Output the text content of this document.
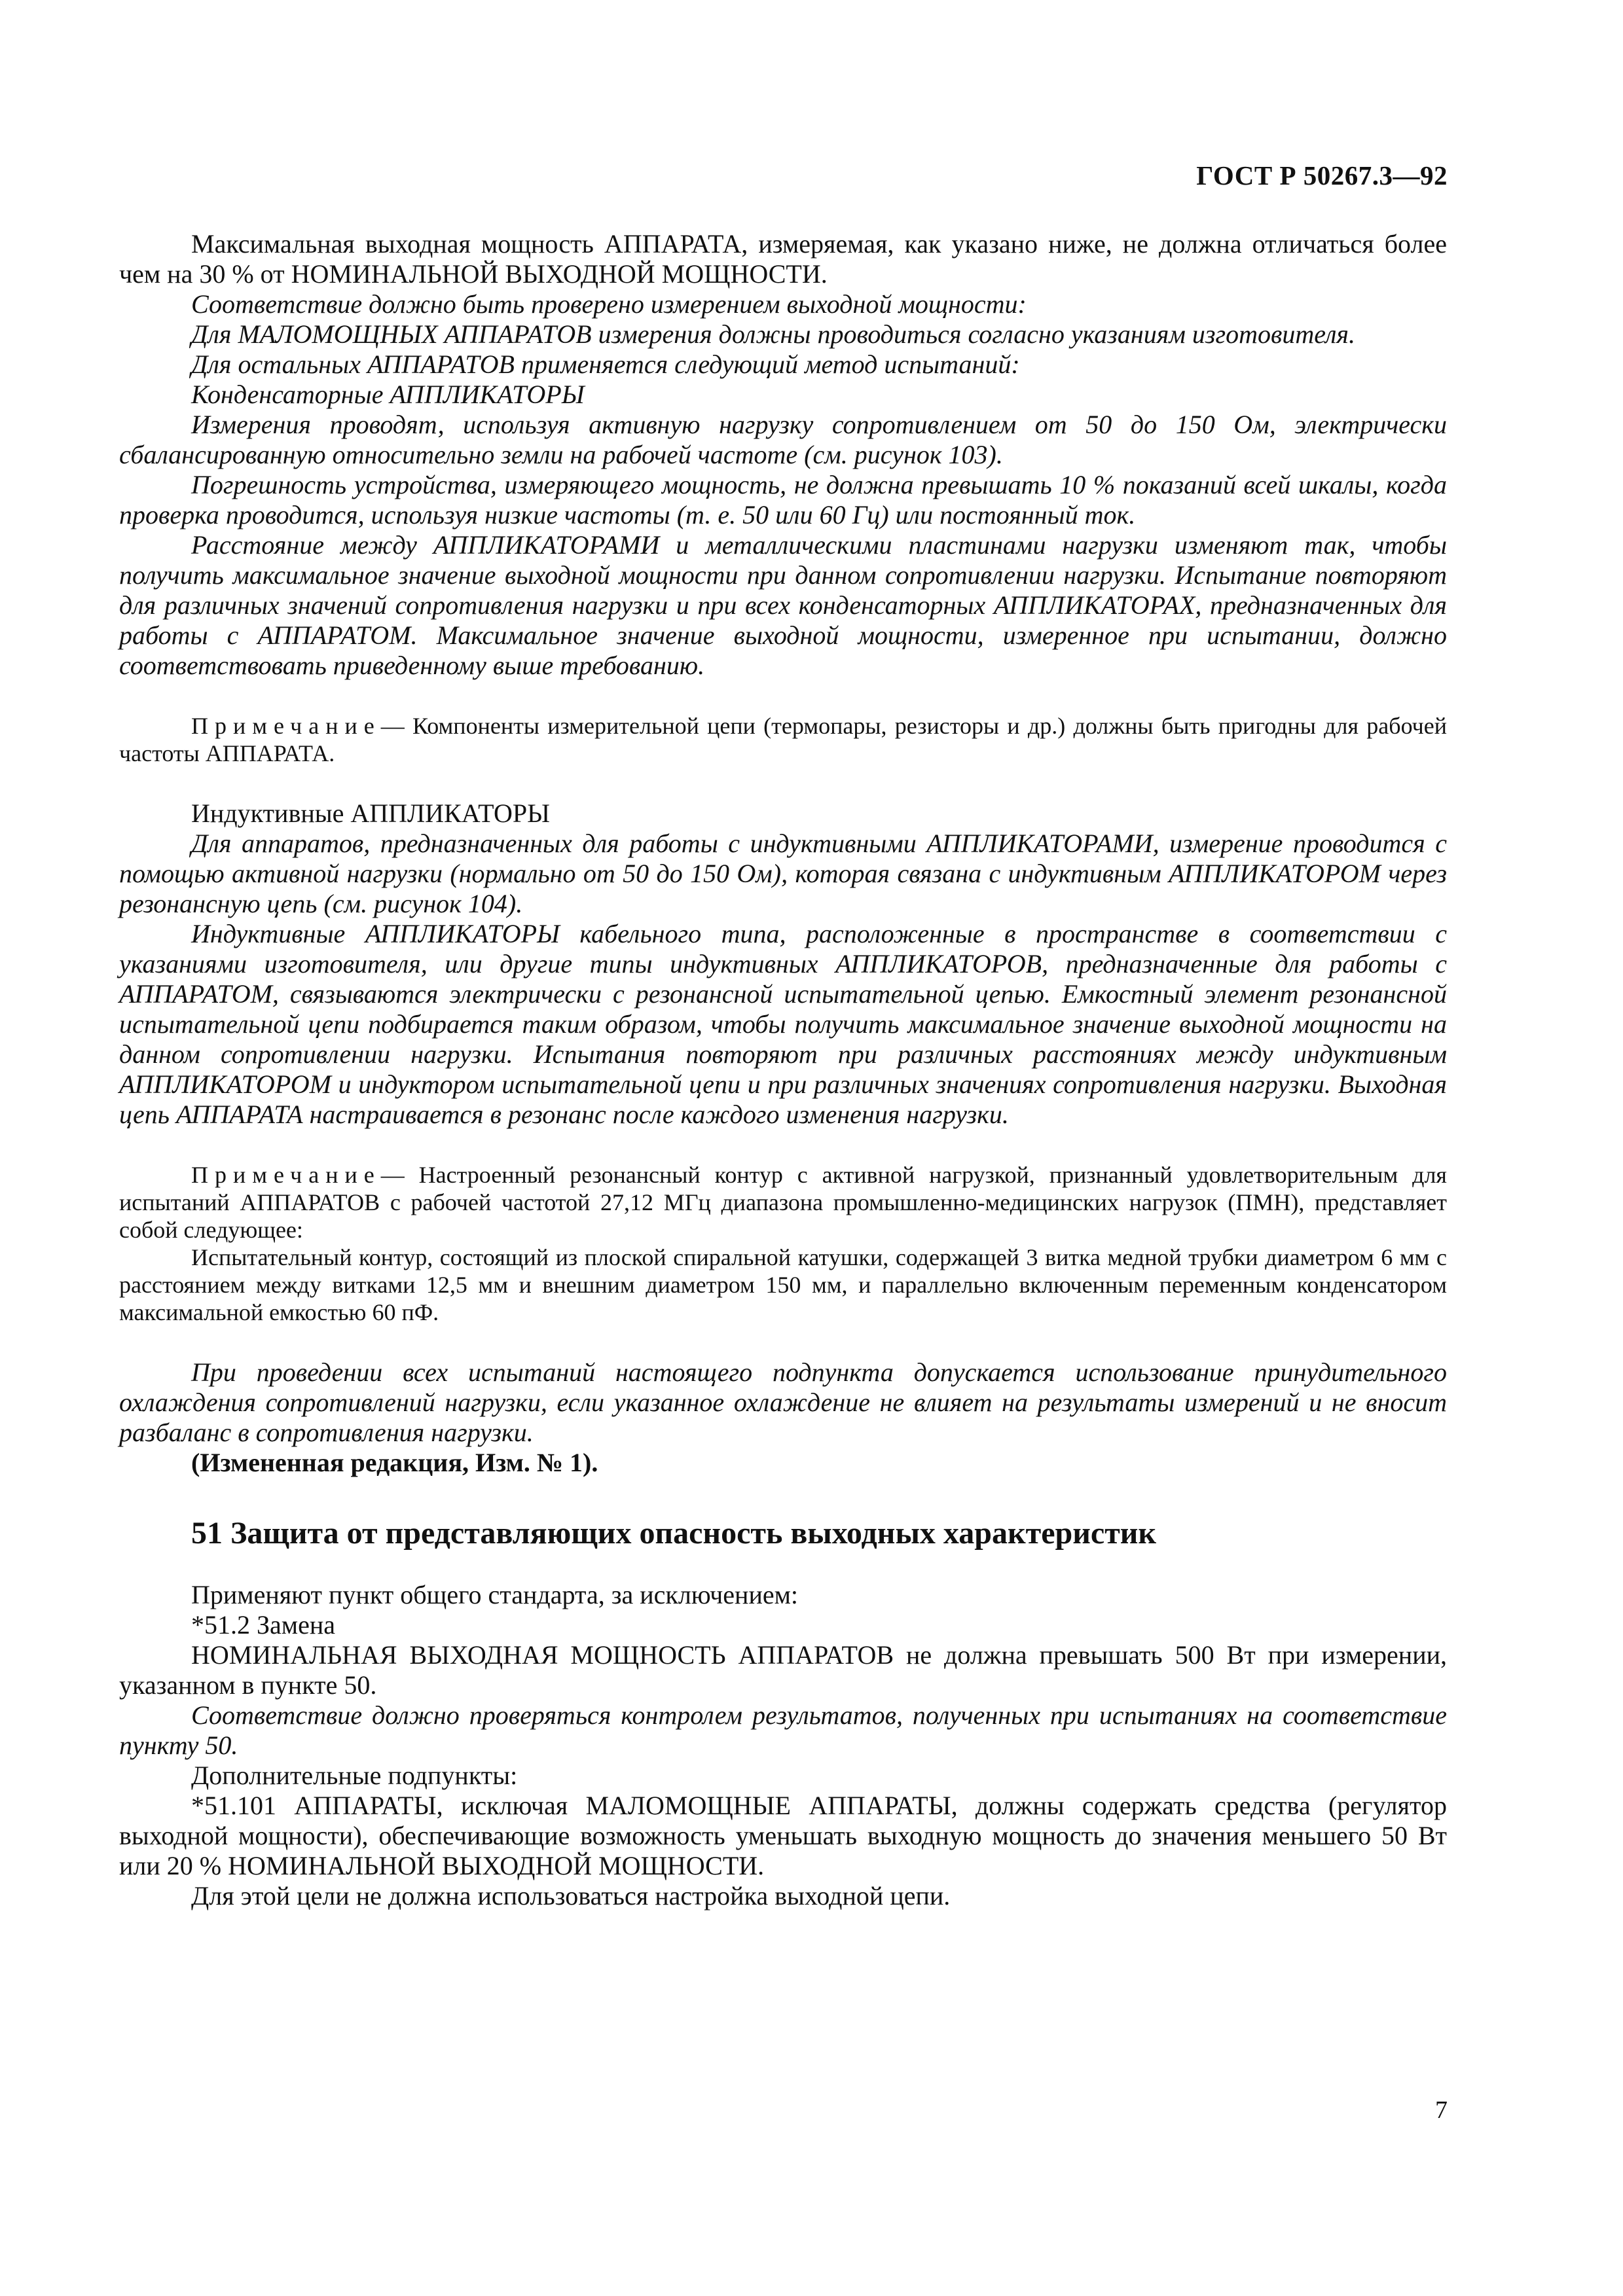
ГОСТ Р 50267.3—92

Максимальная выходная мощность АППАРАТА, измеряемая, как указано ниже, не должна отличаться более чем на 30 % от НОМИНАЛЬНОЙ ВЫХОДНОЙ МОЩНОСТИ.

Соответствие должно быть проверено измерением выходной мощности:

Для МАЛОМОЩНЫХ АППАРАТОВ измерения должны проводиться согласно указаниям изготовителя.

Для остальных АППАРАТОВ применяется следующий метод испытаний:

Конденсаторные АППЛИКАТОРЫ

Измерения проводят, используя активную нагрузку сопротивлением от 50 до 150 Ом, электрически сбалансированную относительно земли на рабочей частоте (см. рисунок 103).

Погрешность устройства, измеряющего мощность, не должна превышать 10 % показаний всей шкалы, когда проверка проводится, используя низкие частоты (т. е. 50 или 60 Гц) или постоянный ток.

Расстояние между АППЛИКАТОРАМИ и металлическими пластинами нагрузки изменяют так, чтобы получить максимальное значение выходной мощности при данном сопротивлении нагрузки. Испытание повторяют для различных значений сопротивления нагрузки и при всех конденсаторных АППЛИКАТОРАХ, предназначенных для работы с АППАРАТОМ. Максимальное значение выходной мощности, измеренное при испытании, должно соответствовать приведенному выше требованию.

Примечание— Компоненты измерительной цепи (термопары, резисторы и др.) должны быть пригодны для рабочей частоты АППАРАТА.

Индуктивные АППЛИКАТОРЫ

Для аппаратов, предназначенных для работы с индуктивными АППЛИКАТОРАМИ, измерение проводится с помощью активной нагрузки (нормально от 50 до 150 Ом), которая связана с индуктивным АППЛИКАТОРОМ через резонансную цепь (см. рисунок 104).

Индуктивные АППЛИКАТОРЫ кабельного типа, расположенные в пространстве в соответствии с указаниями изготовителя, или другие типы индуктивных АППЛИКАТОРОВ, предназначенные для работы с АППАРАТОМ, связываются электрически с резонансной испытательной цепью. Емкостный элемент резонансной испытательной цепи подбирается таким образом, чтобы получить максимальное значение выходной мощности на данном сопротивлении нагрузки. Испытания повторяют при различных расстояниях между индуктивным АППЛИКАТОРОМ и индуктором испытательной цепи и при различных значениях сопротивления нагрузки. Выходная цепь АППАРАТА настраивается в резонанс после каждого изменения нагрузки.

Примечание— Настроенный резонансный контур с активной нагрузкой, признанный удовлетворительным для испытаний АППАРАТОВ с рабочей частотой 27,12 МГц диапазона промышленно-медицинских нагрузок (ПМН), представляет собой следующее:

Испытательный контур, состоящий из плоской спиральной катушки, содержащей 3 витка медной трубки диаметром 6 мм с расстоянием между витками 12,5 мм и внешним диаметром 150 мм, и параллельно включенным переменным конденсатором максимальной емкостью 60 пФ.

При проведении всех испытаний настоящего подпункта допускается использование принудительного охлаждения сопротивлений нагрузки, если указанное охлаждение не влияет на результаты измерений и не вносит разбаланс в сопротивления нагрузки.

(Измененная редакция, Изм. № 1).

51 Защита от представляющих опасность выходных характеристик

Применяют пункт общего стандарта, за исключением:

*51.2 Замена

НОМИНАЛЬНАЯ ВЫХОДНАЯ МОЩНОСТЬ АППАРАТОВ не должна превышать 500 Вт при измерении, указанном в пункте 50.

Соответствие должно проверяться контролем результатов, полученных при испытаниях на соответствие пункту 50.

Дополнительные подпункты:

*51.101 АППАРАТЫ, исключая МАЛОМОЩНЫЕ АППАРАТЫ, должны содержать средства (регулятор выходной мощности), обеспечивающие возможность уменьшать выходную мощность до значения меньшего 50 Вт или 20 % НОМИНАЛЬНОЙ ВЫХОДНОЙ МОЩНОСТИ.

Для этой цели не должна использоваться настройка выходной цепи.

7
